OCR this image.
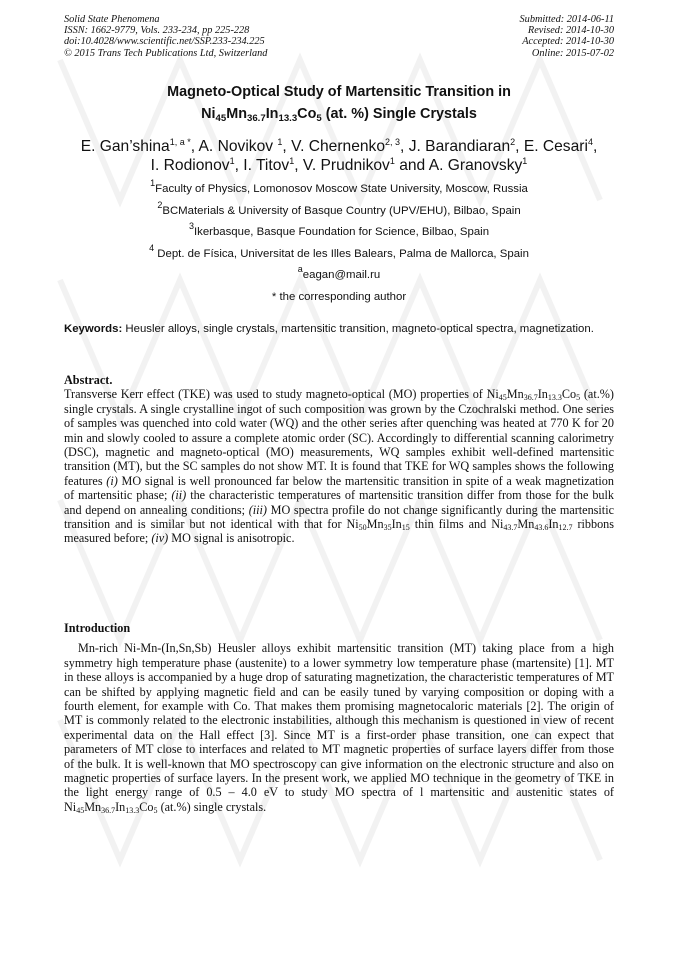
Solid State Phenomena
ISSN: 1662-9779, Vols. 233-234, pp 225-228
doi:10.4028/www.scientific.net/SSP.233-234.225
© 2015 Trans Tech Publications Ltd, Switzerland
Submitted: 2014-06-11
Revised: 2014-10-30
Accepted: 2014-10-30
Online: 2015-07-02
Magneto-Optical Study of Martensitic Transition in
$Ni_{45}Mn_{36.7}In_{13.3}Co_5$ (at. %) Single Crystals
E. Gan’shina$^{1, a *}$, A. Novikov $^1$, V. Chernenko$^{2, 3}$, J. Barandiaran$^2$, E. Cesari$^4$,
I. Rodionov$^1$, I. Titov$^1$, V. Prudnikov$^1$ and A. Granovsky$^1$
$^1$Faculty of Physics, Lomonosov Moscow State University, Moscow, Russia
$^2$BCMaterials & University of Basque Country (UPV/EHU), Bilbao, Spain
$^3$Ikerbasque, Basque Foundation for Science, Bilbao, Spain
$^4$ Dept. de Física, Universitat de les Illes Balears, Palma de Mallorca, Spain
$^a$eagan@mail.ru
* the corresponding author
Keywords: Heusler alloys, single crystals, martensitic transition, magneto-optical spectra, magnetization.
Abstract.

Transverse Kerr effect (TKE) was used to study magneto-optical (MO) properties of $Ni_{45}Mn_{36.7}In_{13.3}Co_5$ (at.%) single crystals. A single crystalline ingot of such composition was grown by the Czochralski method. One series of samples was quenched into cold water (WQ) and the other series after quenching was heated at 770 K for 20 min and slowly cooled to assure a complete atomic order (SC). Accordingly to differential scanning calorimetry (DSC), magnetic and magneto-optical (MO) measurements, WQ samples exhibit well-defined martensitic transition (MT), but the SC samples do not show MT. It is found that TKE for WQ samples shows the following features (i) MO signal is well pronounced far below the martensitic transition in spite of a weak magnetization of martensitic phase; (ii) the characteristic temperatures of martensitic transition differ from those for the bulk and depend on annealing conditions; (iii) MO spectra profile do not change significantly during the martensitic transition and is similar but not identical with that for $Ni_{50}Mn_{35}In_{15}$ thin films and $Ni_{43.7}Mn_{43.6}In_{12.7}$ ribbons measured before; (iv) MO signal is anisotropic.

Introduction

Mn-rich Ni-Mn-(In,Sn,Sb) Heusler alloys exhibit martensitic transition (MT) taking place from a high symmetry high temperature phase (austenite) to a lower symmetry low temperature phase (martensite) [1]. MT in these alloys is accompanied by a huge drop of saturating magnetization, the characteristic temperatures of MT can be shifted by applying magnetic field and can be easily tuned by varying composition or doping with a fourth element, for example with Co. That makes them promising magnetocaloric materials [2]. The origin of MT is commonly related to the electronic instabilities, although this mechanism is questioned in view of recent experimental data on the Hall effect [3]. Since MT is a first-order phase transition, one can expect that parameters of MT close to interfaces and related to MT magnetic properties of surface layers differ from those of the bulk. It is well-known that MO spectroscopy can give information on the electronic structure and also on magnetic properties of surface layers. In the present work, we applied MO technique in the geometry of TKE in the light energy range of 0.5 – 4.0 eV to study MO spectra of l martensitic and austenitic states of $Ni_{45}Mn_{36.7}In_{13.3}Co_5$ (at.%) single crystals.
